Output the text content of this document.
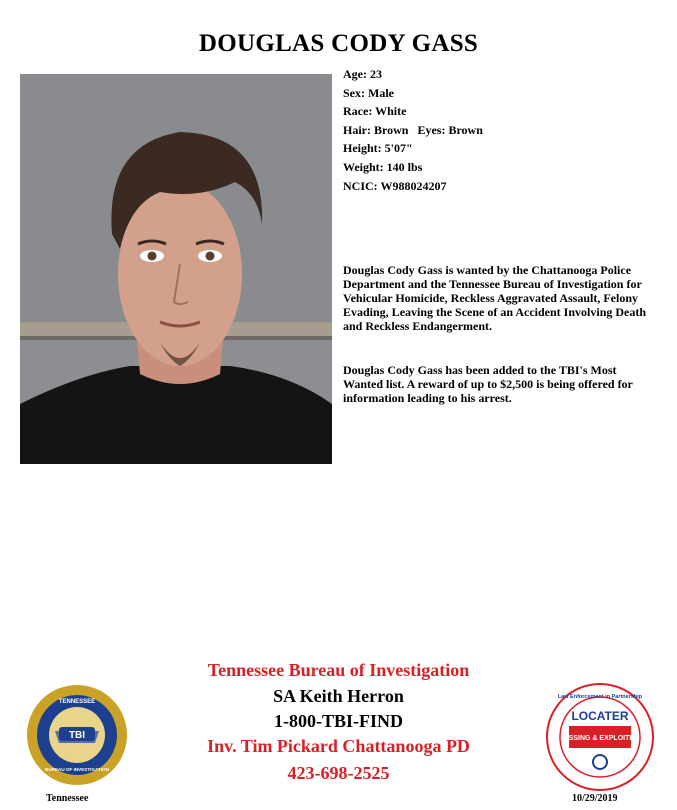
DOUGLAS CODY GASS
Age: 23
Sex: Male
Race: White
Hair: Brown   Eyes: Brown
Height: 5'07"
Weight: 140 lbs
NCIC: W988024207
Douglas Cody Gass is wanted by the Chattanooga Police Department and the Tennessee Bureau of Investigation for Vehicular Homicide, Reckless Aggravated Assault, Felony Evading, Leaving the Scene of an Accident Involving Death and Reckless Endangerment.
Douglas Cody Gass has been added to the TBI's Most Wanted list. A reward of up to $2,500 is being offered for information leading to his arrest.
Tennessee Bureau of Investigation
SA Keith Herron
1-800-TBI-FIND
Inv. Tim Pickard Chattanooga PD
423-698-2525
TBI
TENNESSEE
BUREAU OF INVESTIGATION
Tennessee
Law Enforcement in Partnership
LOCATER
MISSING & EXPLOITED
10/29/2019
